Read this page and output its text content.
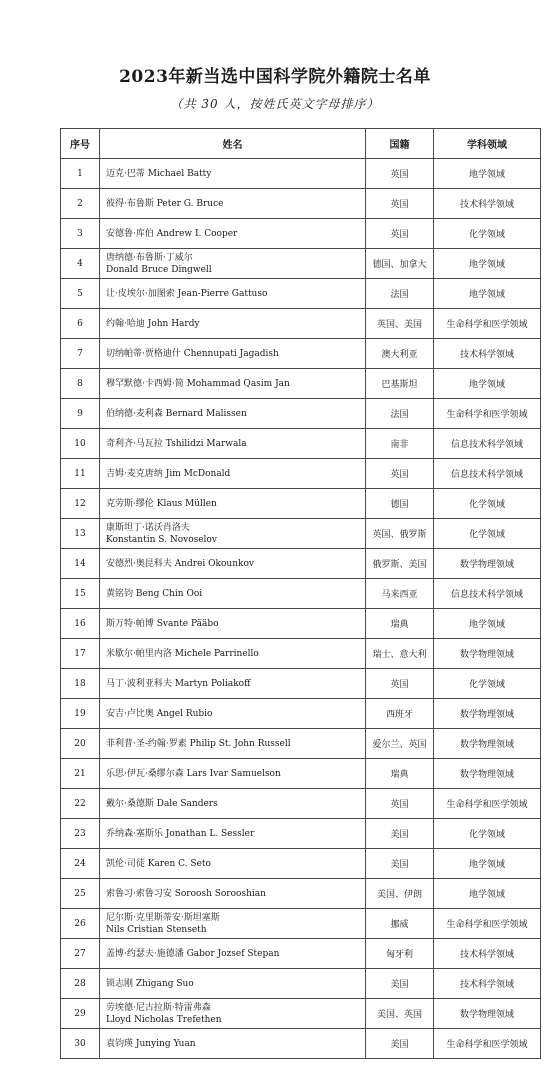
2023年新当选中国科学院外籍院士名单
（共 30 人，按姓氏英文字母排序）
序号	姓名	国籍	学科领域
1	迈克·巴蒂 Michael Batty	英国	地学领域
2	彼得·布鲁斯 Peter G. Bruce	英国	技术科学领域
3	安德鲁·库伯 Andrew I. Cooper	英国	化学领域
4	唐纳德·布鲁斯·丁威尔
Donald Bruce Dingwell	德国、加拿大	地学领域
5	让·皮埃尔·加图索 Jean-Pierre Gattuso	法国	地学领域
6	约翰·哈迪 John Hardy	英国、美国	生命科学和医学领域
7	切纳帕蒂·贾格迪什 Chennupati Jagadish	澳大利亚	技术科学领域
8	穆罕默德·卡西姆·简 Mohammad Qasim Jan	巴基斯坦	地学领域
9	伯纳德·麦利森 Bernard Malissen	法国	生命科学和医学领域
10	奇利齐·马瓦拉 Tshilidzi Marwala	南非	信息技术科学领域
11	吉姆·麦克唐纳 Jim McDonald	英国	信息技术科学领域
12	克劳斯·缪伦 Klaus Müllen	德国	化学领域
13	康斯坦丁·诺沃肖洛夫
Konstantin S. Novoselov	英国、俄罗斯	化学领域
14	安德烈·奥昆科夫 Andrei Okounkov	俄罗斯、美国	数学物理领域
15	黄铭钧 Beng Chin Ooi	马来西亚	信息技术科学领域
16	斯万特·帕博 Svante Pääbo	瑞典	地学领域
17	米歇尔·帕里内洛 Michele Parrinello	瑞士、意大利	数学物理领域
18	马丁·波利亚科夫 Martyn Poliakoff	英国	化学领域
19	安吉·卢比奥 Angel Rubio	西班牙	数学物理领域
20	菲利普·圣-约翰·罗素 Philip St. John Russell	爱尔兰、英国	数学物理领域
21	乐思·伊瓦·桑缪尔森 Lars Ivar Samuelson	瑞典	数学物理领域
22	戴尔·桑德斯 Dale Sanders	英国	生命科学和医学领域
23	乔纳森·塞斯乐 Jonathan L. Sessler	美国	化学领域
24	凯伦·司徒 Karen C. Seto	美国	地学领域
25	索鲁习·索鲁习安 Soroosh Sorooshian	美国、伊朗	地学领域
26	尼尔斯·克里斯蒂安·斯坦塞斯
Nils Cristian Stenseth	挪威	生命科学和医学领域
27	盖博·约瑟夫·施德潘 Gabor Jozsef Stepan	匈牙利	技术科学领域
28	锁志刚 Zhigang Suo	美国	技术科学领域
29	劳埃德·尼古拉斯·特雷弗森
Lloyd Nicholas Trefethen	美国、英国	数学物理领域
30	袁钧瑛 Junying Yuan	美国	生命科学和医学领域
